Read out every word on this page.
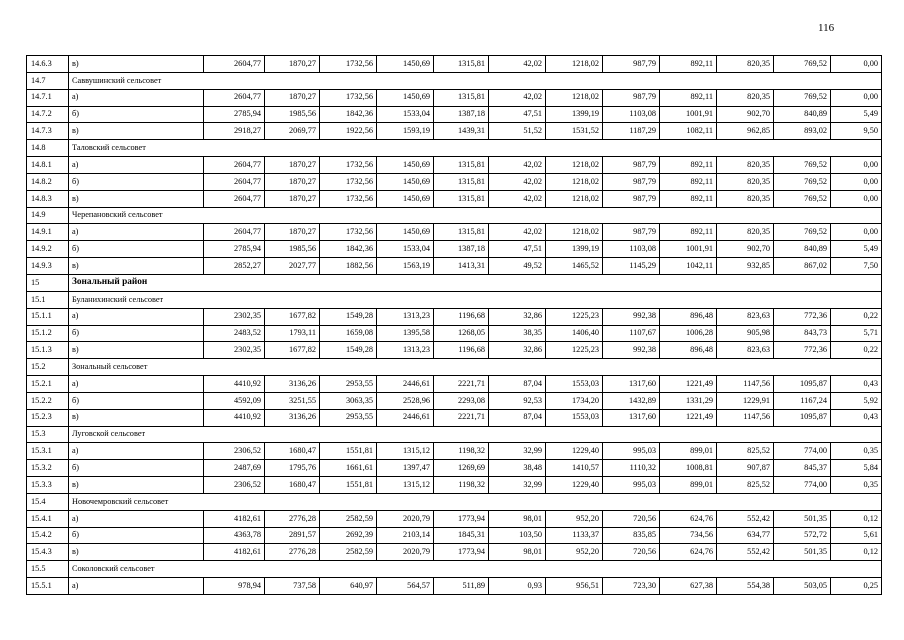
116
14.6.3	в)	2604,77	1870,27	1732,56	1450,69	1315,81	42,02	1218,02	987,79	892,11	820,35	769,52	0,00
14.7	Саввушинский сельсовет												
14.7.1	а)	2604,77	1870,27	1732,56	1450,69	1315,81	42,02	1218,02	987,79	892,11	820,35	769,52	0,00
14.7.2	б)	2785,94	1985,56	1842,36	1533,04	1387,18	47,51	1399,19	1103,08	1001,91	902,70	840,89	5,49
14.7.3	в)	2918,27	2069,77	1922,56	1593,19	1439,31	51,52	1531,52	1187,29	1082,11	962,85	893,02	9,50
14.8	Таловский сельсовет												
14.8.1	а)	2604,77	1870,27	1732,56	1450,69	1315,81	42,02	1218,02	987,79	892,11	820,35	769,52	0,00
14.8.2	б)	2604,77	1870,27	1732,56	1450,69	1315,81	42,02	1218,02	987,79	892,11	820,35	769,52	0,00
14.8.3	в)	2604,77	1870,27	1732,56	1450,69	1315,81	42,02	1218,02	987,79	892,11	820,35	769,52	0,00
14.9	Черепановский сельсовет												
14.9.1	а)	2604,77	1870,27	1732,56	1450,69	1315,81	42,02	1218,02	987,79	892,11	820,35	769,52	0,00
14.9.2	б)	2785,94	1985,56	1842,36	1533,04	1387,18	47,51	1399,19	1103,08	1001,91	902,70	840,89	5,49
14.9.3	в)	2852,27	2027,77	1882,56	1563,19	1413,31	49,52	1465,52	1145,29	1042,11	932,85	867,02	7,50
15	Зональный район												
15.1	Буланихинский сельсовет												
15.1.1	а)	2302,35	1677,82	1549,28	1313,23	1196,68	32,86	1225,23	992,38	896,48	823,63	772,36	0,22
15.1.2	б)	2483,52	1793,11	1659,08	1395,58	1268,05	38,35	1406,40	1107,67	1006,28	905,98	843,73	5,71
15.1.3	в)	2302,35	1677,82	1549,28	1313,23	1196,68	32,86	1225,23	992,38	896,48	823,63	772,36	0,22
15.2	Зональный сельсовет												
15.2.1	а)	4410,92	3136,26	2953,55	2446,61	2221,71	87,04	1553,03	1317,60	1221,49	1147,56	1095,87	0,43
15.2.2	б)	4592,09	3251,55	3063,35	2528,96	2293,08	92,53	1734,20	1432,89	1331,29	1229,91	1167,24	5,92
15.2.3	в)	4410,92	3136,26	2953,55	2446,61	2221,71	87,04	1553,03	1317,60	1221,49	1147,56	1095,87	0,43
15.3	Луговской сельсовет												
15.3.1	а)	2306,52	1680,47	1551,81	1315,12	1198,32	32,99	1229,40	995,03	899,01	825,52	774,00	0,35
15.3.2	б)	2487,69	1795,76	1661,61	1397,47	1269,69	38,48	1410,57	1110,32	1008,81	907,87	845,37	5,84
15.3.3	в)	2306,52	1680,47	1551,81	1315,12	1198,32	32,99	1229,40	995,03	899,01	825,52	774,00	0,35
15.4	Новочемровский сельсовет												
15.4.1	а)	4182,61	2776,28	2582,59	2020,79	1773,94	98,01	952,20	720,56	624,76	552,42	501,35	0,12
15.4.2	б)	4363,78	2891,57	2692,39	2103,14	1845,31	103,50	1133,37	835,85	734,56	634,77	572,72	5,61
15.4.3	в)	4182,61	2776,28	2582,59	2020,79	1773,94	98,01	952,20	720,56	624,76	552,42	501,35	0,12
15.5	Соколовский сельсовет												
15.5.1	а)	978,94	737,58	640,97	564,57	511,89	0,93	956,51	723,30	627,38	554,38	503,05	0,25
